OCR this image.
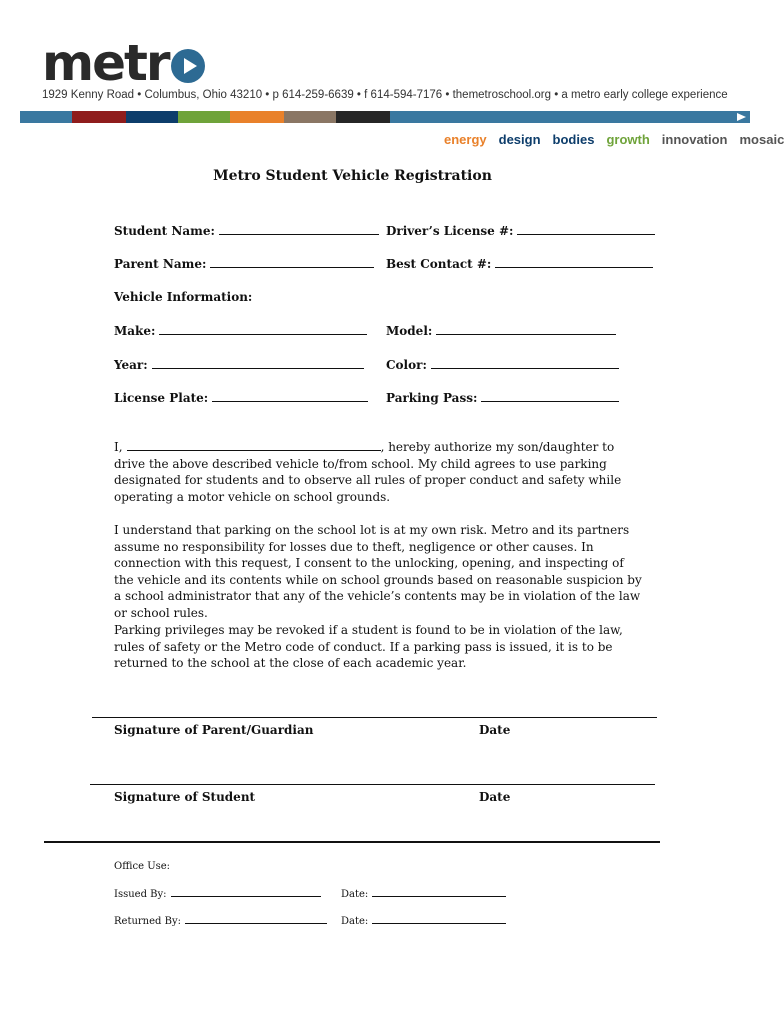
metr
1929 Kenny Road • Columbus, Ohio 43210 • p 614-259-6639 • f 614-594-7176 • themetroschool.org • a metro early college experience
energy design bodies growth innovation mosaic
Metro Student Vehicle Registration
Student Name:	Driver’s License #:
Parent Name:	Best Contact #:
Vehicle Information:
Make:	Model:
Year:	Color:
License Plate:	Parking Pass:

I,	, hereby authorize my son/daughter to drive the above described vehicle to/from school. My child agrees to use parking designated for students and to observe all rules of proper conduct and safety while operating a motor vehicle on school grounds.

I understand that parking on the school lot is at my own risk. Metro and its partners assume no responsibility for losses due to theft, negligence or other causes. In connection with this request, I consent to the unlocking, opening, and inspecting of the vehicle and its contents while on school grounds based on reasonable suspicion by a school administrator that any of the vehicle’s contents may be in violation of the law or school rules.

Parking privileges may be revoked if a student is found to be in violation of the law, rules of safety or the Metro code of conduct. If a parking pass is issued, it is to be returned to the school at the close of each academic year.

Signature of Parent/Guardian	Date
Signature of Student	Date
Office Use:
Issued By:	Date:
Returned By:	Date:
